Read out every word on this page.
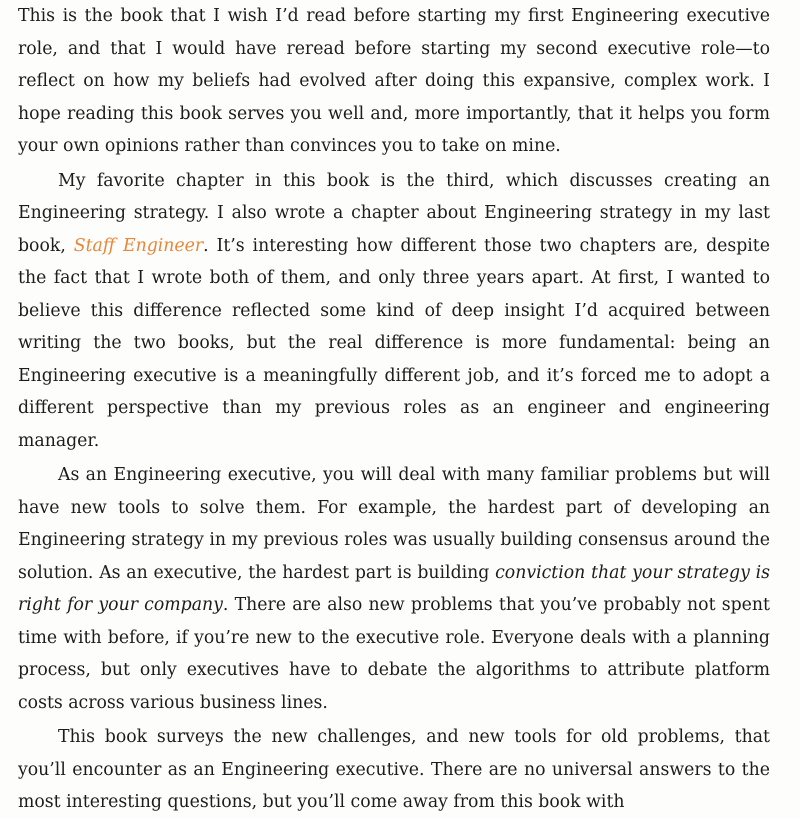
This is the book that I wish I’d read before starting my first Engineering executive role, and that I would have reread before starting my second executive role—to reflect on how my beliefs had evolved after doing this expansive, complex work. I hope reading this book serves you well and, more importantly, that it helps you form your own opinions rather than convinces you to take on mine.

My favorite chapter in this book is the third, which discusses creating an Engineering strategy. I also wrote a chapter about Engineering strategy in my last book, Staff Engineer. It’s interesting how different those two chapters are, despite the fact that I wrote both of them, and only three years apart. At first, I wanted to believe this difference reflected some kind of deep insight I’d acquired between writing the two books, but the real difference is more fundamental: being an Engineering executive is a meaningfully different job, and it’s forced me to adopt a different perspective than my previous roles as an engineer and engineering manager.

As an Engineering executive, you will deal with many familiar problems but will have new tools to solve them. For example, the hardest part of developing an Engineering strategy in my previous roles was usually building consensus around the solution. As an executive, the hardest part is building conviction that your strategy is right for your company. There are also new problems that you’ve probably not spent time with before, if you’re new to the executive role. Everyone deals with a planning process, but only executives have to debate the algorithms to attribute platform costs across various business lines.

This book surveys the new challenges, and new tools for old problems, that you’ll encounter as an Engineering executive. There are no universal answers to the most interesting questions, but you’ll come away from this book with
